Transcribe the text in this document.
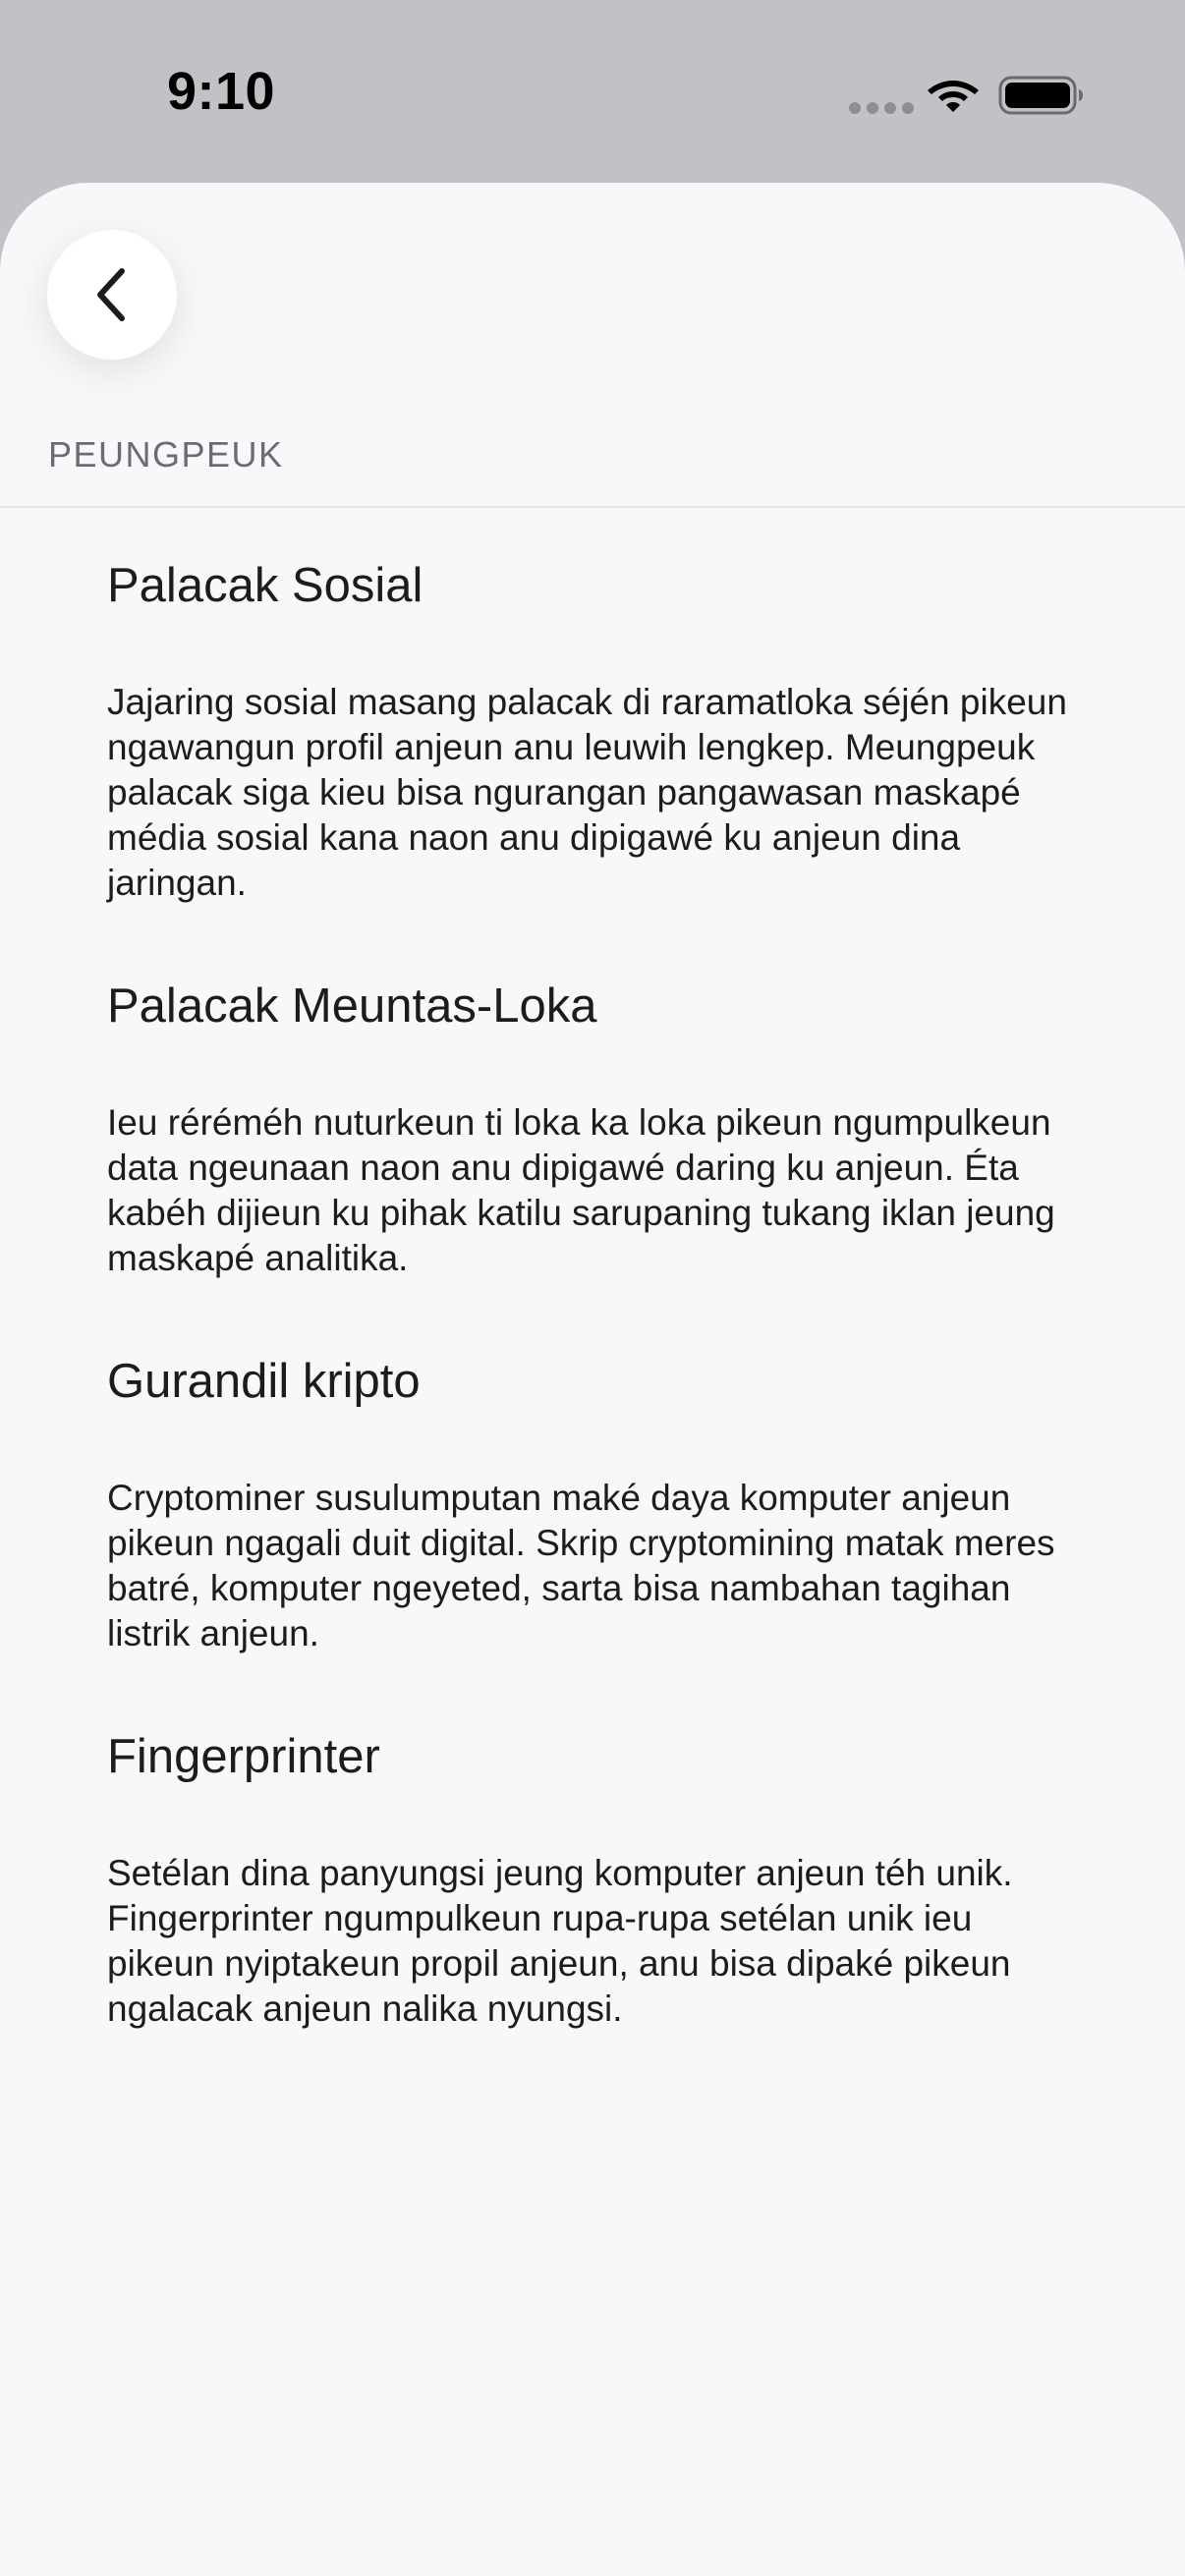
9:10
PEUNGPEUK
Palacak Sosial

Jajaring sosial masang palacak di raramatloka séjén pikeun ngawangun profil anjeun anu leuwih lengkep. Meungpeuk palacak siga kieu bisa ngurangan pangawasan maskapé média sosial kana naon anu dipigawé ku anjeun dina jaringan.

Palacak Meuntas-Loka

Ieu réréméh nuturkeun ti loka ka loka pikeun ngumpulkeun data ngeunaan naon anu dipigawé daring ku anjeun. Éta kabéh dijieun ku pihak katilu sarupaning tukang iklan jeung maskapé analitika.

Gurandil kripto

Cryptominer susulumputan maké daya komputer anjeun pikeun ngagali duit digital. Skrip cryptomining matak meres batré, komputer ngeyeted, sarta bisa nambahan tagihan listrik anjeun.

Fingerprinter

Setélan dina panyungsi jeung komputer anjeun téh unik. Fingerprinter ngumpulkeun rupa-rupa setélan unik ieu pikeun nyiptakeun propil anjeun, anu bisa dipaké pikeun ngalacak anjeun nalika nyungsi.
